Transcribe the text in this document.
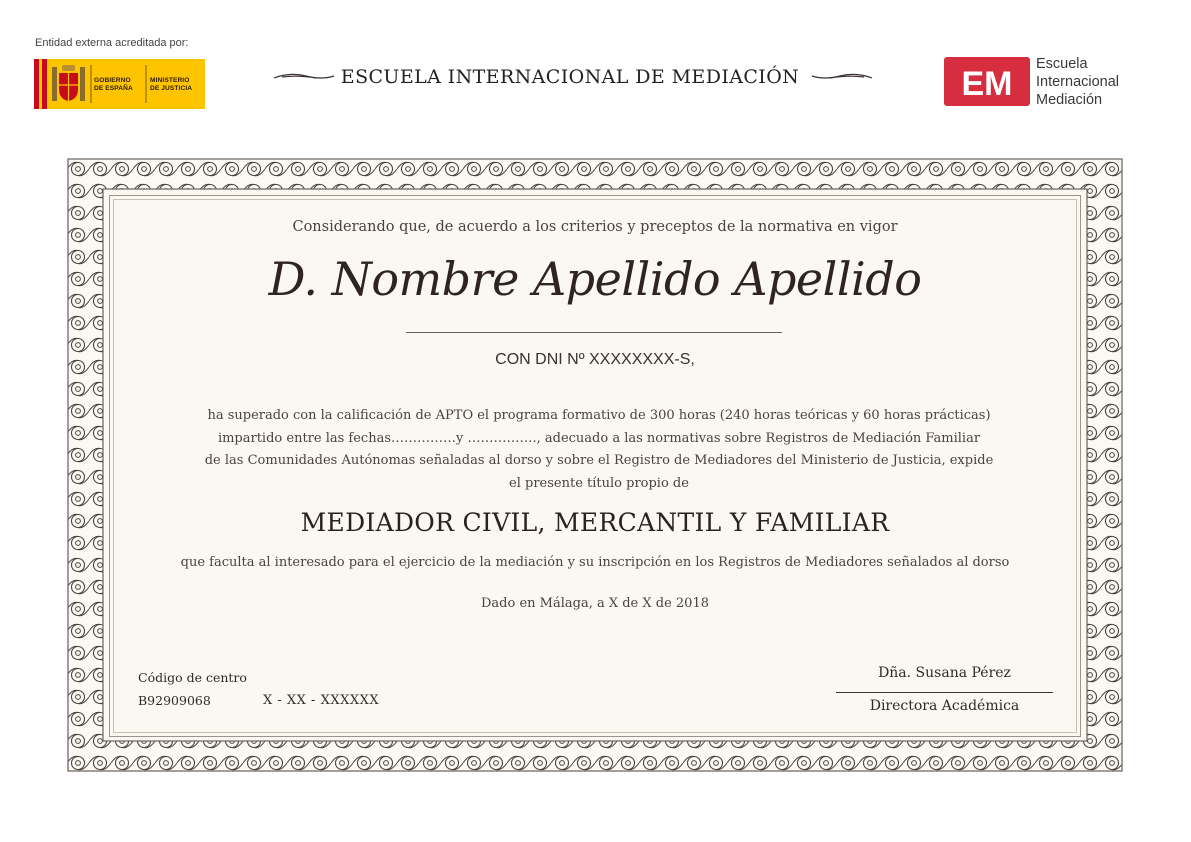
Entidad externa acreditada por:
GOBIERNO
DE ESPAÑA
MINISTERIO
DE JUSTICIA
ESCUELA INTERNACIONAL DE MEDIACIÓN	EM
Escuela
Internacional
Mediación
Considerando que, de acuerdo a los criterios y preceptos de la normativa en vigor
D. Nombre Apellido Apellido
CON DNI Nº XXXXXXXX-S,
ha superado con la calificación de APTO el programa formativo de 300 horas (240 horas teóricas y 60 horas prácticas)
impartido entre las fechas……………y ……………., adecuado a las normativas sobre Registros de Mediación Familiar
de las Comunidades Autónomas señaladas al dorso y sobre el Registro de Mediadores del Ministerio de Justicia, expide
el presente título propio de
MEDIADOR CIVIL, MERCANTIL Y FAMILIAR
que faculta al interesado para el ejercicio de la mediación y su inscripción en los Registros de Mediadores señalados al dorso
Dado en Málaga, a X de X de 2018
Código de centro
B92909068	X - XX - XXXXXX
Dña. Susana Pérez
Directora Académica
